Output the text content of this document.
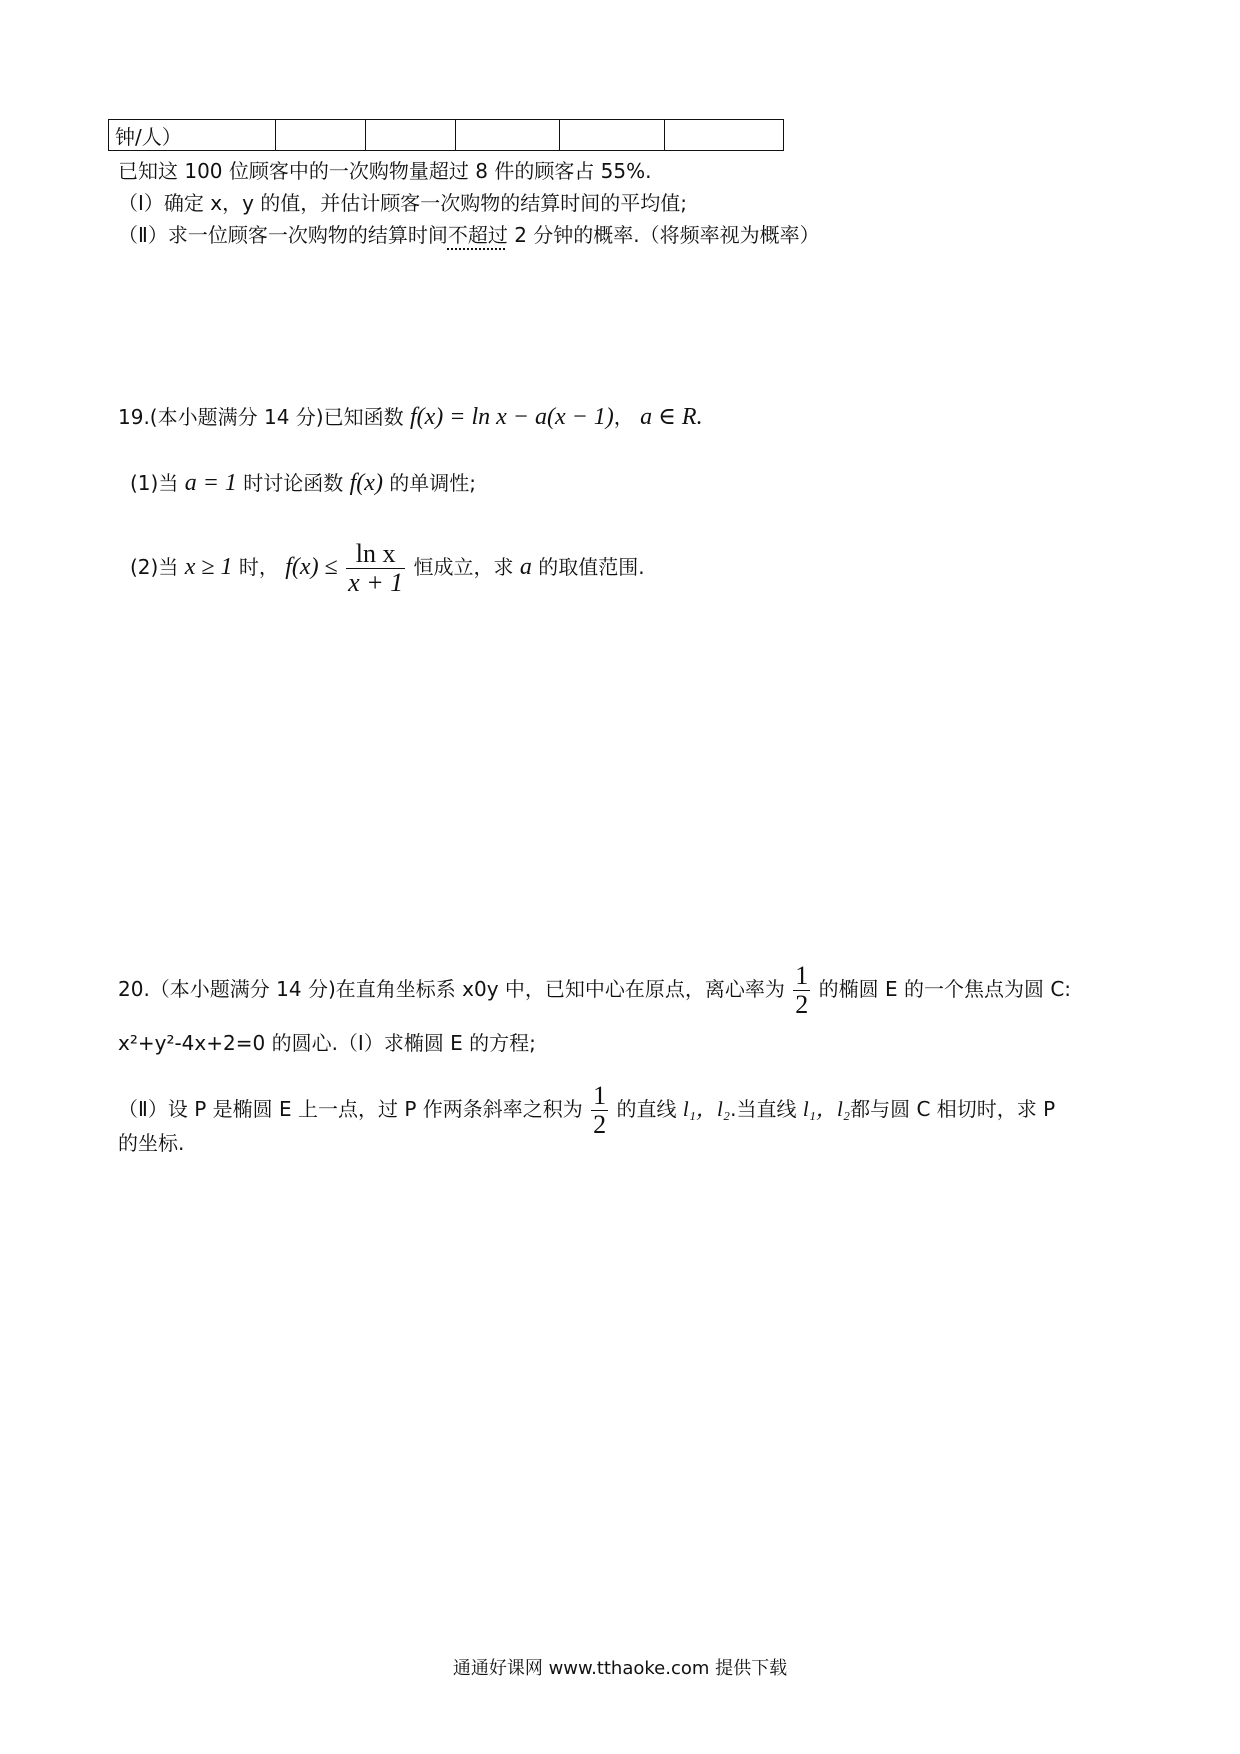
钟/人）					
已知这 100 位顾客中的一次购物量超过 8 件的顾客占 55%.
（Ⅰ）确定 x，y 的值，并估计顾客一次购物的结算时间的平均值;
（Ⅱ）求一位顾客一次购物的结算时间不超过 2 分钟的概率.（将频率视为概率）
19.(本小题满分 14 分)已知函数 f(x) = ln x − a(x − 1)， a ∈ R.
(1)当 a = 1 时讨论函数 f(x) 的单调性;
(2)当 x ≥ 1 时， $f(x) \le \frac{\text{ln x}}{x + 1}$ 恒成立，求 a 的取值范围.
20.（本小题满分 14 分)在直角坐标系 x0y 中，已知中心在原点，离心率为 $\frac{1}{2}$ 的椭圆 E 的一个焦点为圆 C:
x²+y²-4x+2=0 的圆心.（Ⅰ）求椭圆 E 的方程;
（Ⅱ）设 P 是椭圆 E 上一点，过 P 作两条斜率之积为 $\frac{1}{2}$ 的直线 l₁，l₂.当直线 l₁，l₂都与圆 C 相切时，求 P
的坐标.
通通好课网 www.tthaoke.com 提供下载
